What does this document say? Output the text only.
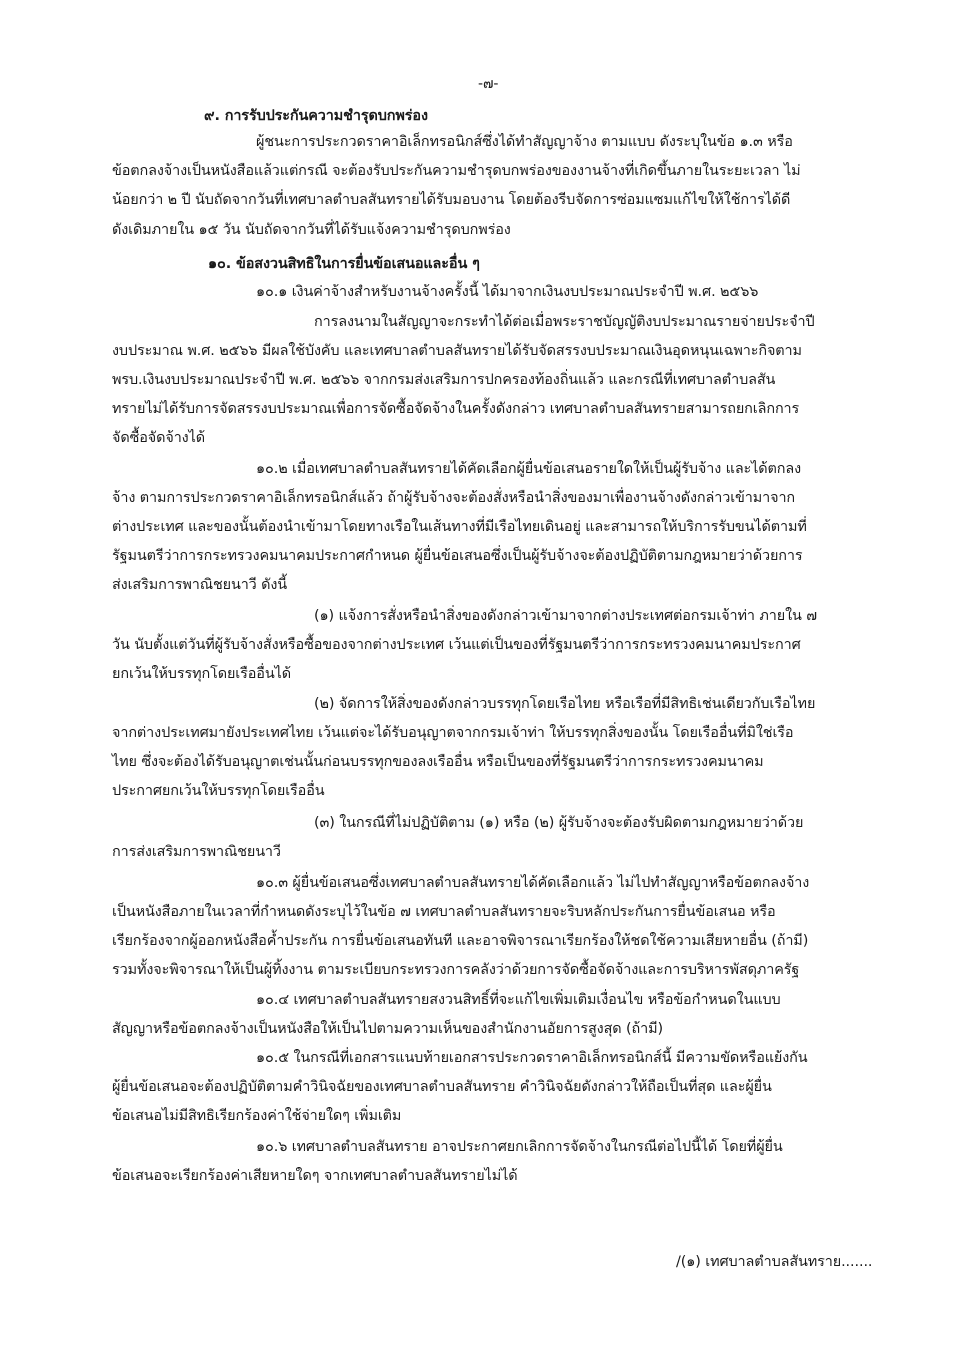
-๗-
๙. การรับประกันความชำรุดบกพร่อง
ผู้ชนะการประกวดราคาอิเล็กทรอนิกส์ซึ่งได้ทำสัญญาจ้าง ตามแบบ ดังระบุในข้อ ๑.๓ หรือ
ข้อตกลงจ้างเป็นหนังสือแล้วแต่กรณี จะต้องรับประกันความชำรุดบกพร่องของงานจ้างที่เกิดขึ้นภายในระยะเวลา ไม่
น้อยกว่า ๒ ปี นับถัดจากวันที่เทศบาลตำบลสันทรายได้รับมอบงาน โดยต้องรีบจัดการซ่อมแซมแก้ไขให้ใช้การได้ดี
ดังเดิมภายใน ๑๕ วัน นับถัดจากวันที่ได้รับแจ้งความชำรุดบกพร่อง
๑๐. ข้อสงวนสิทธิในการยื่นข้อเสนอและอื่น ๆ
๑๐.๑ เงินค่าจ้างสำหรับงานจ้างครั้งนี้ ได้มาจากเงินงบประมาณประจำปี พ.ศ. ๒๕๖๖
การลงนามในสัญญาจะกระทำได้ต่อเมื่อพระราชบัญญัติงบประมาณรายจ่ายประจำปี
งบประมาณ พ.ศ. ๒๕๖๖ มีผลใช้บังคับ และเทศบาลตำบลสันทรายได้รับจัดสรรงบประมาณเงินอุดหนุนเฉพาะกิจตาม
พรบ.เงินงบประมาณประจำปี พ.ศ. ๒๕๖๖ จากกรมส่งเสริมการปกครองท้องถิ่นแล้ว และกรณีที่เทศบาลตำบลสัน
ทรายไม่ได้รับการจัดสรรงบประมาณเพื่อการจัดซื้อจัดจ้างในครั้งดังกล่าว เทศบาลตำบลสันทรายสามารถยกเลิกการ
จัดซื้อจัดจ้างได้
๑๐.๒ เมื่อเทศบาลตำบลสันทรายได้คัดเลือกผู้ยื่นข้อเสนอรายใดให้เป็นผู้รับจ้าง และได้ตกลง
จ้าง ตามการประกวดราคาอิเล็กทรอนิกส์แล้ว ถ้าผู้รับจ้างจะต้องสั่งหรือนำสิ่งของมาเพื่องานจ้างดังกล่าวเข้ามาจาก
ต่างประเทศ และของนั้นต้องนำเข้ามาโดยทางเรือในเส้นทางที่มีเรือไทยเดินอยู่ และสามารถให้บริการรับขนได้ตามที่
รัฐมนตรีว่าการกระทรวงคมนาคมประกาศกำหนด ผู้ยื่นข้อเสนอซึ่งเป็นผู้รับจ้างจะต้องปฏิบัติตามกฎหมายว่าด้วยการ
ส่งเสริมการพาณิชยนาวี ดังนี้
(๑) แจ้งการสั่งหรือนำสิ่งของดังกล่าวเข้ามาจากต่างประเทศต่อกรมเจ้าท่า ภายใน ๗
วัน นับตั้งแต่วันที่ผู้รับจ้างสั่งหรือซื้อของจากต่างประเทศ เว้นแต่เป็นของที่รัฐมนตรีว่าการกระทรวงคมนาคมประกาศ
ยกเว้นให้บรรทุกโดยเรืออื่นได้
(๒) จัดการให้สิ่งของดังกล่าวบรรทุกโดยเรือไทย หรือเรือที่มีสิทธิเช่นเดียวกับเรือไทย
จากต่างประเทศมายังประเทศไทย เว้นแต่จะได้รับอนุญาตจากกรมเจ้าท่า ให้บรรทุกสิ่งของนั้น โดยเรืออื่นที่มิใช่เรือ
ไทย ซึ่งจะต้องได้รับอนุญาตเช่นนั้นก่อนบรรทุกของลงเรืออื่น หรือเป็นของที่รัฐมนตรีว่าการกระทรวงคมนาคม
ประกาศยกเว้นให้บรรทุกโดยเรืออื่น
(๓) ในกรณีที่ไม่ปฏิบัติตาม (๑) หรือ (๒) ผู้รับจ้างจะต้องรับผิดตามกฎหมายว่าด้วย
การส่งเสริมการพาณิชยนาวี
๑๐.๓ ผู้ยื่นข้อเสนอซึ่งเทศบาลตำบลสันทรายได้คัดเลือกแล้ว ไม่ไปทำสัญญาหรือข้อตกลงจ้าง
เป็นหนังสือภายในเวลาที่กำหนดดังระบุไว้ในข้อ ๗ เทศบาลตำบลสันทรายจะริบหลักประกันการยื่นข้อเสนอ หรือ
เรียกร้องจากผู้ออกหนังสือค้ำประกัน การยื่นข้อเสนอทันที และอาจพิจารณาเรียกร้องให้ชดใช้ความเสียหายอื่น (ถ้ามี)
รวมทั้งจะพิจารณาให้เป็นผู้ทิ้งงาน ตามระเบียบกระทรวงการคลังว่าด้วยการจัดซื้อจัดจ้างและการบริหารพัสดุภาครัฐ
๑๐.๔ เทศบาลตำบลสันทรายสงวนสิทธิ์ที่จะแก้ไขเพิ่มเติมเงื่อนไข หรือข้อกำหนดในแบบ
สัญญาหรือข้อตกลงจ้างเป็นหนังสือให้เป็นไปตามความเห็นของสำนักงานอัยการสูงสุด (ถ้ามี)
๑๐.๕ ในกรณีที่เอกสารแนบท้ายเอกสารประกวดราคาอิเล็กทรอนิกส์นี้ มีความขัดหรือแย้งกัน
ผู้ยื่นข้อเสนอจะต้องปฏิบัติตามคำวินิจฉัยของเทศบาลตำบลสันทราย คำวินิจฉัยดังกล่าวให้ถือเป็นที่สุด และผู้ยื่น
ข้อเสนอไม่มีสิทธิเรียกร้องค่าใช้จ่ายใดๆ เพิ่มเติม
๑๐.๖ เทศบาลตำบลสันทราย อาจประกาศยกเลิกการจัดจ้างในกรณีต่อไปนี้ได้ โดยที่ผู้ยื่น
ข้อเสนอจะเรียกร้องค่าเสียหายใดๆ จากเทศบาลตำบลสันทรายไม่ได้
/(๑) เทศบาลตำบลสันทราย.......
